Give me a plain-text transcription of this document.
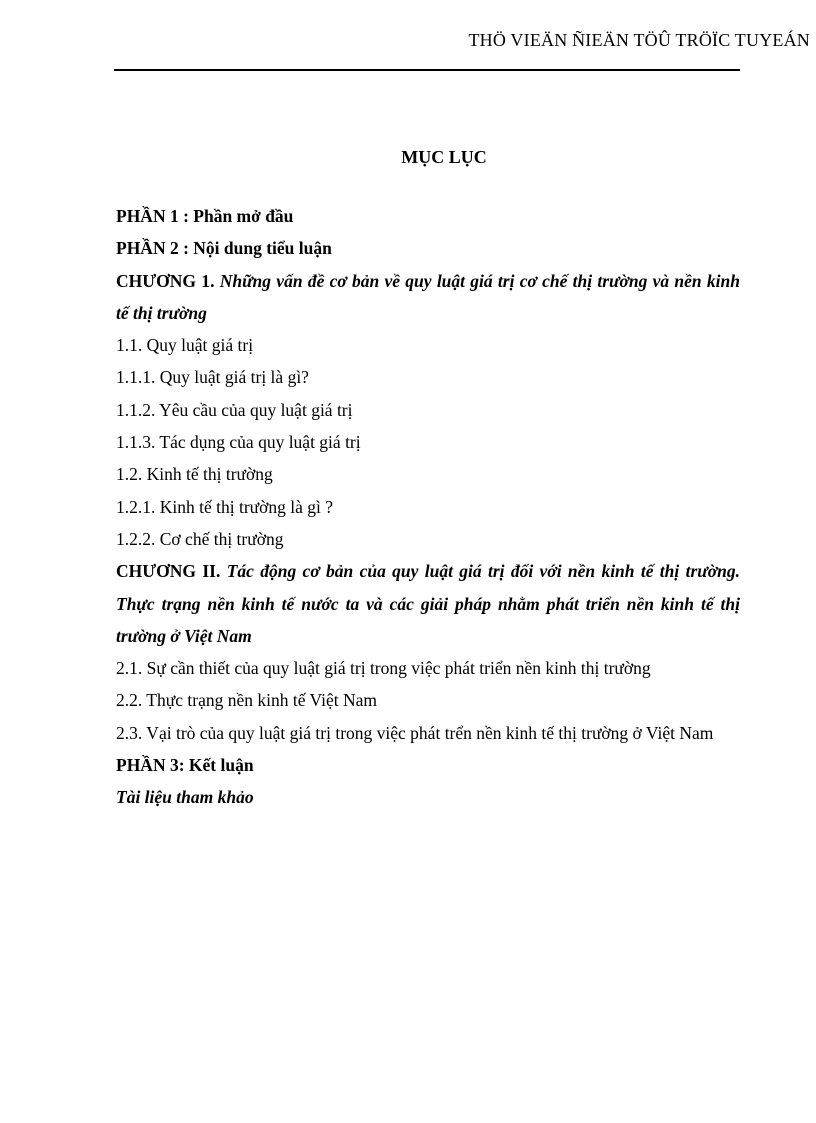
THÖ VIEÄN ÑIEÄN TÖÛ TRÖÏC TUYEÁN
MỤC LỤC
PHẦN 1 : Phần mở đầu
PHẦN 2 : Nội dung tiểu luận
CHƯƠNG 1. Những vấn đề cơ bản về quy luật giá trị cơ chế thị trường và nền kinh tế thị trường
1.1. Quy luật giá trị
1.1.1. Quy luật giá trị là gì?
1.1.2. Yêu cầu của quy luật giá trị
1.1.3. Tác dụng của quy luật giá trị
1.2. Kinh tế thị trường
1.2.1. Kinh tế thị trường là gì ?
1.2.2. Cơ chế thị trường
CHƯƠNG II. Tác động cơ bản của quy luật giá trị đối với nền kinh tế thị trường. Thực trạng nền kinh tế nước ta và các giải pháp nhằm phát triển nền kinh tế thị trường ở Việt Nam
2.1. Sự cần thiết của quy luật giá trị trong việc phát triển nền kinh thị trường
2.2. Thực trạng nền kinh tế Việt Nam
2.3. Vại trò của quy luật giá trị trong việc phát trển nền kinh tế thị trường ở Việt Nam
PHẦN 3: Kết luận
Tài liệu tham khảo
